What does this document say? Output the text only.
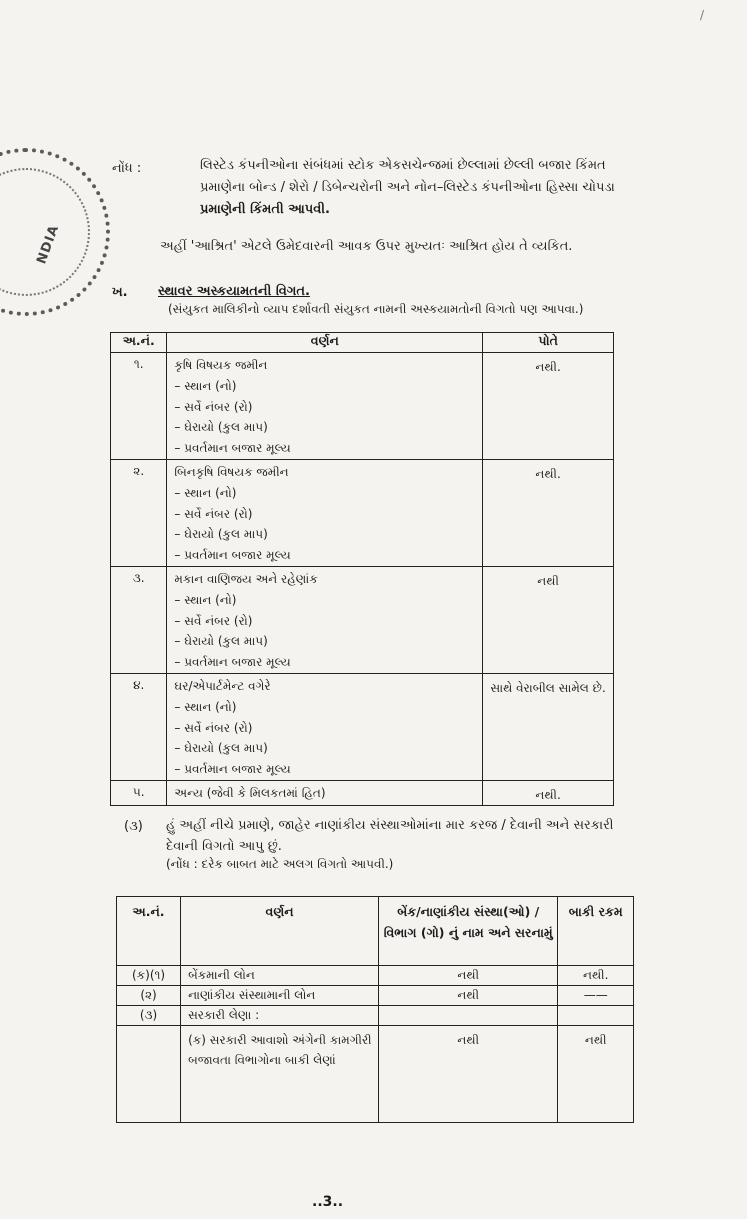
/
NDIA
નોંધ :	લિસ્ટેડ કંપનીઓના સંબંધમાં સ્ટોક એકસચેન્જમાં છેલ્લામાં છેલ્લી બજાર કિંમત

પ્રમાણેના બોન્ડ / શેરો / ડિબેન્ચરોની અને નોન–લિસ્ટેડ કંપનીઓના હિસ્સા ચોપડા

પ્રમાણેની કિંમતી આપવી.

અહીં 'આશ્રિત' એટલે ઉમેદવારની આવક ઉપર મુખ્યતઃ આશ્રિત હોય તે વ્યકિત.
ખ. સ્થાવર અસ્કયામતની વિગત.
(સંયુકત માલિકીનો વ્યાપ દર્શાવતી સંયુકત નામની અસ્કયામતોની વિગતો પણ આપવા.)
અ.નં.	વર્ણન	પોતે
૧.	કૃષિ વિષયક જમીન
– સ્થાન (નો)
– સર્વે નંબર (રો)
– ઘેરાયો (કુલ માપ)
– પ્રવર્તમાન બજાર મૂલ્ય	નથી.
૨.	બિનકૃષિ વિષયક જમીન
– સ્થાન (નો)
– સર્વે નંબર (રો)
– ઘેરાયો (કુલ માપ)
– પ્રવર્તમાન બજાર મૂલ્ય	નથી.
૩.	મકાન વાણિજય અને રહેણાંક
– સ્થાન (નો)
– સર્વે નંબર (રો)
– ઘેરાયો (કુલ માપ)
– પ્રવર્તમાન બજાર મૂલ્ય	નથી
૪.	ઘર/એપાર્ટમેન્ટ વગેરે
– સ્થાન (નો)
– સર્વે નંબર (રો)
– ઘેરાયો (કુલ માપ)
– પ્રવર્તમાન બજાર મૂલ્ય	સાથે વેરાબીલ સામેલ છે.
૫.	અન્ય (જેવી કે મિલકતમાં હિત)	નથી.
(૩) હું અહીં નીચે પ્રમાણે, જાહેર નાણાંકીય સંસ્થાઓમાંના માર કરજ / દેવાની અને સરકારી દેવાની વિગતો આપુ છું.
(નોંધ : દરેક બાબત માટે અલગ વિગતો આપવી.)
અ.નં.	વર્ણન	બેંક/નાણાંકીય સંસ્થા(ઓ) / વિભાગ (ગો) નું નામ અને સરનામું	બાકી રકમ
(ક)(૧)	બેંકમાની લોન	નથી	નથી.
(૨)	નાણાંકીય સંસ્થામાની લોન	નથી	——
(૩)	સરકારી લેણા :		
	(ક) સરકારી આવાશો અંગેની કામગીરી બજાવતા વિભાગોના બાકી લેણાં	નથી	નથી
..3..
